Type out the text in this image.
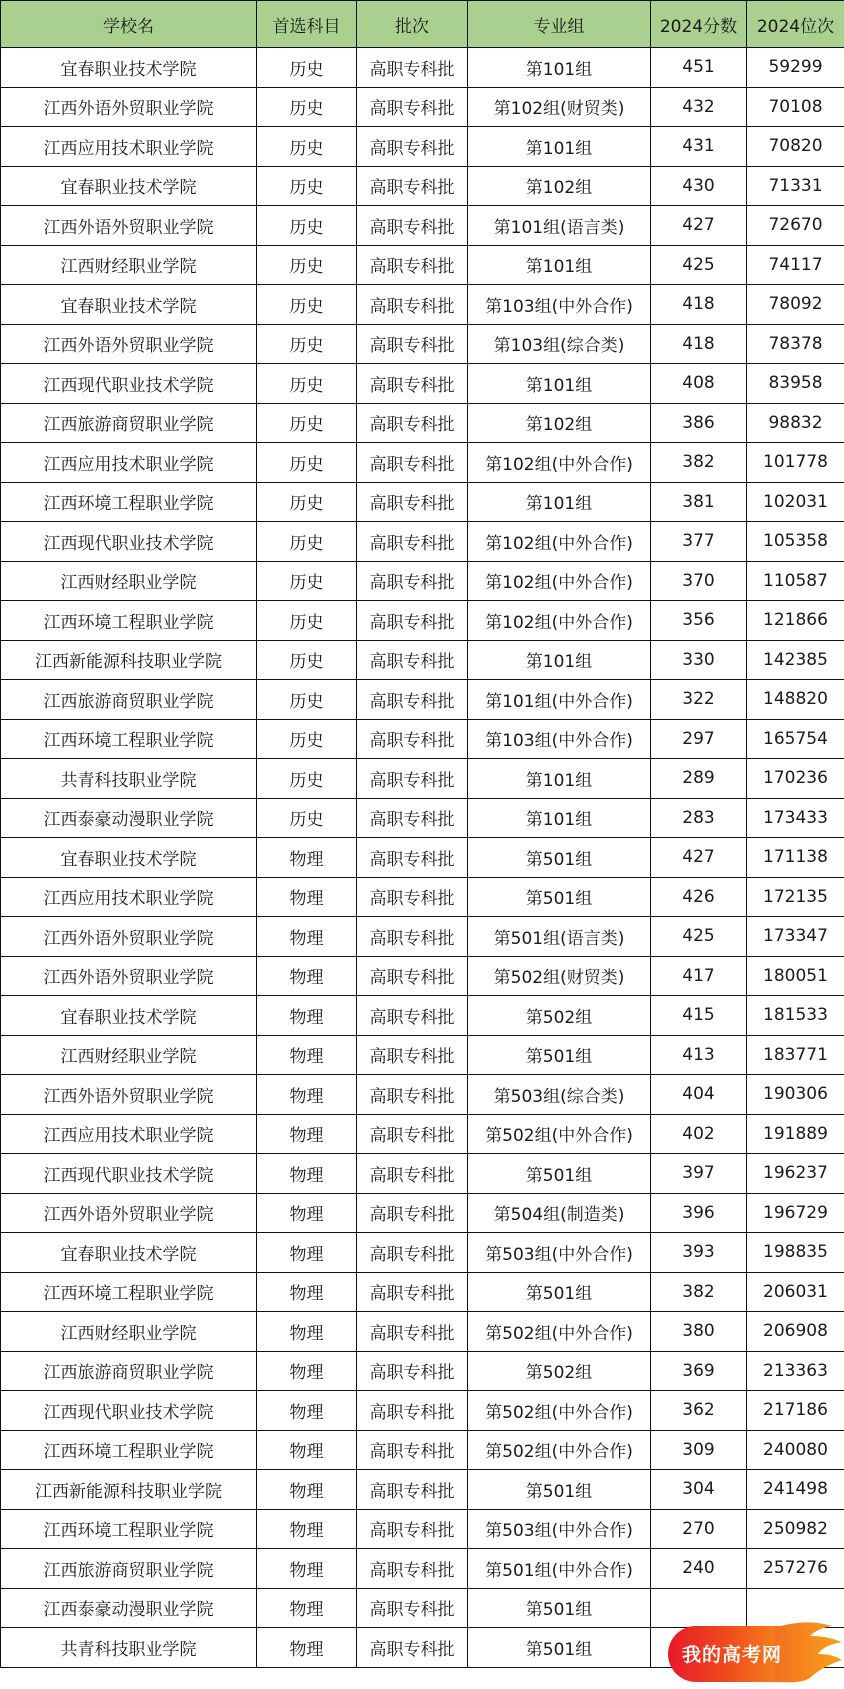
学校名	首选科目	批次	专业组	2024分数	2024位次
宜春职业技术学院	历史	高职专科批	第101组	451	59299
江西外语外贸职业学院	历史	高职专科批	第102组(财贸类)	432	70108
江西应用技术职业学院	历史	高职专科批	第101组	431	70820
宜春职业技术学院	历史	高职专科批	第102组	430	71331
江西外语外贸职业学院	历史	高职专科批	第101组(语言类)	427	72670
江西财经职业学院	历史	高职专科批	第101组	425	74117
宜春职业技术学院	历史	高职专科批	第103组(中外合作)	418	78092
江西外语外贸职业学院	历史	高职专科批	第103组(综合类)	418	78378
江西现代职业技术学院	历史	高职专科批	第101组	408	83958
江西旅游商贸职业学院	历史	高职专科批	第102组	386	98832
江西应用技术职业学院	历史	高职专科批	第102组(中外合作)	382	101778
江西环境工程职业学院	历史	高职专科批	第101组	381	102031
江西现代职业技术学院	历史	高职专科批	第102组(中外合作)	377	105358
江西财经职业学院	历史	高职专科批	第102组(中外合作)	370	110587
江西环境工程职业学院	历史	高职专科批	第102组(中外合作)	356	121866
江西新能源科技职业学院	历史	高职专科批	第101组	330	142385
江西旅游商贸职业学院	历史	高职专科批	第101组(中外合作)	322	148820
江西环境工程职业学院	历史	高职专科批	第103组(中外合作)	297	165754
共青科技职业学院	历史	高职专科批	第101组	289	170236
江西泰豪动漫职业学院	历史	高职专科批	第101组	283	173433
宜春职业技术学院	物理	高职专科批	第501组	427	171138
江西应用技术职业学院	物理	高职专科批	第501组	426	172135
江西外语外贸职业学院	物理	高职专科批	第501组(语言类)	425	173347
江西外语外贸职业学院	物理	高职专科批	第502组(财贸类)	417	180051
宜春职业技术学院	物理	高职专科批	第502组	415	181533
江西财经职业学院	物理	高职专科批	第501组	413	183771
江西外语外贸职业学院	物理	高职专科批	第503组(综合类)	404	190306
江西应用技术职业学院	物理	高职专科批	第502组(中外合作)	402	191889
江西现代职业技术学院	物理	高职专科批	第501组	397	196237
江西外语外贸职业学院	物理	高职专科批	第504组(制造类)	396	196729
宜春职业技术学院	物理	高职专科批	第503组(中外合作)	393	198835
江西环境工程职业学院	物理	高职专科批	第501组	382	206031
江西财经职业学院	物理	高职专科批	第502组(中外合作)	380	206908
江西旅游商贸职业学院	物理	高职专科批	第502组	369	213363
江西现代职业技术学院	物理	高职专科批	第502组(中外合作)	362	217186
江西环境工程职业学院	物理	高职专科批	第502组(中外合作)	309	240080
江西新能源科技职业学院	物理	高职专科批	第501组	304	241498
江西环境工程职业学院	物理	高职专科批	第503组(中外合作)	270	250982
江西旅游商贸职业学院	物理	高职专科批	第501组(中外合作)	240	257276
江西泰豪动漫职业学院	物理	高职专科批	第501组		
共青科技职业学院	物理	高职专科批	第501组			我的高考网
